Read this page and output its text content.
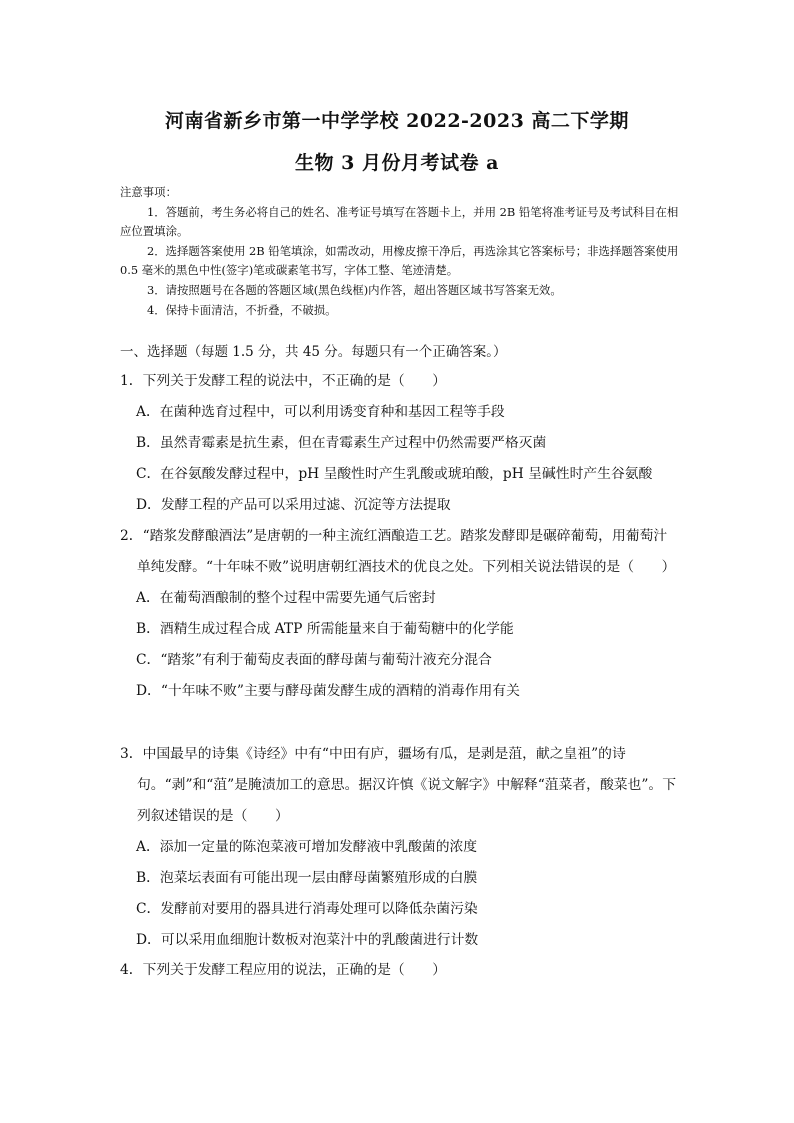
河南省新乡市第一中学学校 2022-2023 高二下学期
生物 3 月份月考试卷 a

注意事项：

1．答题前，考生务必将自己的姓名、准考证号填写在答题卡上，并用 2B 铅笔将准考证号及考试科目在相应位置填涂。

2．选择题答案使用 2B 铅笔填涂，如需改动，用橡皮擦干净后，再选涂其它答案标号；非选择题答案使用 0.5 毫米的黑色中性(签字)笔或碳素笔书写，字体工整、笔迹清楚。

3．请按照题号在各题的答题区域(黑色线框)内作答，超出答题区域书写答案无效。

4．保持卡面清洁，不折叠，不破损。

一、选择题（每题 1.5 分，共 45 分。每题只有一个正确答案。）

1．下列关于发酵工程的说法中，不正确的是（　　）

A．在菌种选育过程中，可以利用诱变育种和基因工程等手段

B．虽然青霉素是抗生素，但在青霉素生产过程中仍然需要严格灭菌

C．在谷氨酸发酵过程中，pH 呈酸性时产生乳酸或琥珀酸，pH 呈碱性时产生谷氨酸

D．发酵工程的产品可以采用过滤、沉淀等方法提取

2．“踏浆发酵酿酒法”是唐朝的一种主流红酒酿造工艺。踏浆发酵即是碾碎葡萄，用葡萄汁单纯发酵。“十年味不败”说明唐朝红酒技术的优良之处。下列相关说法错误的是（　　）

A．在葡萄酒酿制的整个过程中需要先通气后密封

B．酒精生成过程合成 ATP 所需能量来自于葡萄糖中的化学能

C．“踏浆”有利于葡萄皮表面的酵母菌与葡萄汁液充分混合

D．“十年味不败”主要与酵母菌发酵生成的酒精的消毒作用有关

3．中国最早的诗集《诗经》中有“中田有庐，疆场有瓜，是剥是菹，献之皇祖”的诗句。“剥”和“菹”是腌渍加工的意思。据汉许慎《说文解字》中解释“菹菜者，酸菜也”。下列叙述错误的是（　　）

A．添加一定量的陈泡菜液可增加发酵液中乳酸菌的浓度

B．泡菜坛表面有可能出现一层由酵母菌繁殖形成的白膜

C．发酵前对要用的器具进行消毒处理可以降低杂菌污染

D．可以采用血细胞计数板对泡菜汁中的乳酸菌进行计数

4．下列关于发酵工程应用的说法，正确的是（　　）
